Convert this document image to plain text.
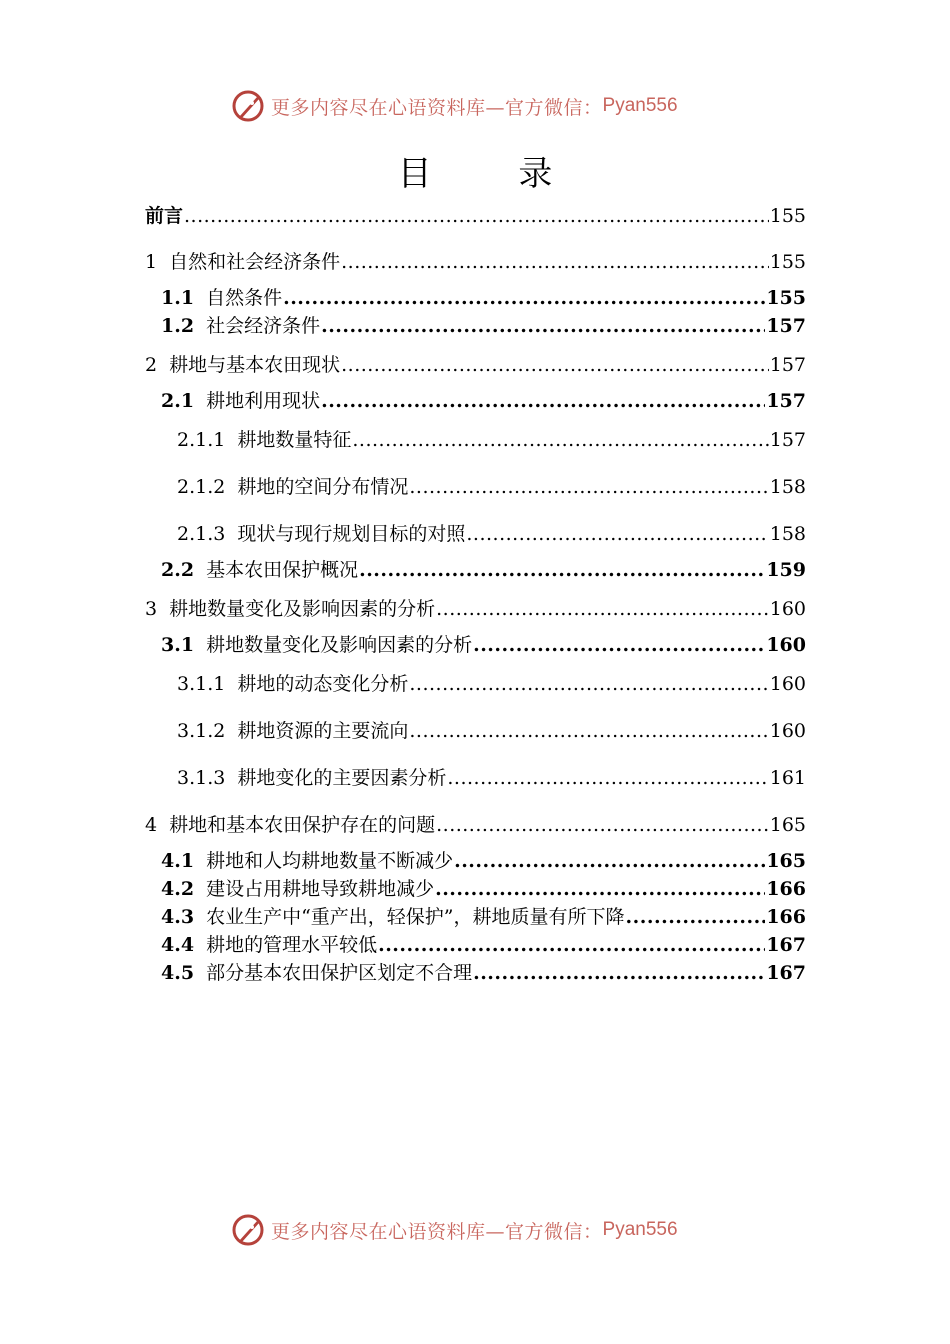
更多内容尽在心语资料库—官方微信： Pyan556
目 录
前言 .....	155
1 自然和社会经济条件 .....	155
1.1 自然条件 .....	155
1.2 社会经济条件 .....	157
2 耕地与基本农田现状 .....	157
2.1 耕地利用现状 .....	157
2.1.1 耕地数量特征 .....	157
2.1.2 耕地的空间分布情况 .....	158
2.1.3 现状与现行规划目标的对照 .....	158
2.2 基本农田保护概况 .....	159
3 耕地数量变化及影响因素的分析 .....	160
3.1 耕地数量变化及影响因素的分析 .....	160
3.1.1 耕地的动态变化分析 .....	160
3.1.2 耕地资源的主要流向 .....	160
3.1.3 耕地变化的主要因素分析 .....	161
4 耕地和基本农田保护存在的问题 .....	165
4.1 耕地和人均耕地数量不断减少 .....	165
4.2 建设占用耕地导致耕地减少 .....	166
4.3 农业生产中“重产出，轻保护”，耕地质量有所下降 .....	166
4.4 耕地的管理水平较低 .....	167
4.5 部分基本农田保护区划定不合理 .....	167
更多内容尽在心语资料库—官方微信： Pyan556
